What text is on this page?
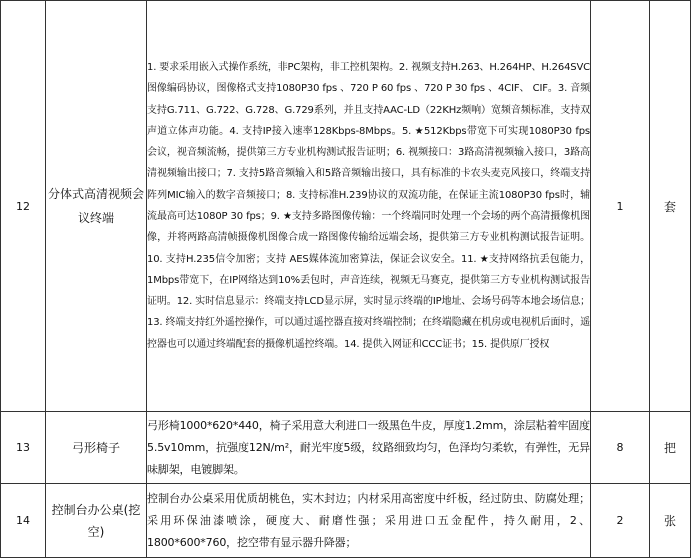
12	分体式高清视频会议终端	1. 要求采用嵌入式操作系统，非PC架构，非工控机架构。2. 视频支持H.263、H.264HP、H.264SVC图像编码协议，图像格式支持1080P30 fps 、720 P 60 fps 、720 P 30 fps 、4CIF、 CIF。3. 音频支持G.711、G.722、G.728、G.729系列，并且支持AAC-LD（22KHz频响）宽频音频标准，支持双声道立体声功能。4. 支持IP接入速率128Kbps-8Mbps。5. ★512Kbps带宽下可实现1080P30 fps 会议，视音频流畅，提供第三方专业机构测试报告证明；6. 视频接口：3路高清视频输入接口，3路高清视频输出接口；7. 支持5路音频输入和5路音频输出接口，具有标准的卡农头麦克风接口，终端支持阵列MIC输入的数字音频接口；8. 支持标准H.239协议的双流功能，在保证主流1080P30 fps时，辅流最高可达1080P 30 fps；9. ★支持多路图像传输：一个终端同时处理一个会场的两个高清摄像机图像，并将两路高清帧摄像机图像合成一路图像传输给远端会场，提供第三方专业机构测试报告证明。10. 支持H.235信令加密；支持 AES媒体流加密算法，保证会议安全。11. ★支持网络抗丢包能力，1Mbps带宽下，在IP网络达到10%丢包时，声音连续，视频无马赛克，提供第三方专业机构测试报告证明。12. 实时信息显示：终端支持LCD显示屏，实时显示终端的IP地址、会场号码等本地会场信息；13. 终端支持红外遥控操作，可以通过遥控器直接对终端控制；在终端隐藏在机房或电视机后面时，遥控器也可以通过终端配套的摄像机遥控终端。14. 提供入网证和CCC证书；15. 提供原厂授权	1	套
13	弓形椅子	弓形椅1000*620*440，椅子采用意大利进口一级黑色牛皮，厚度1.2mm，涂层粘着牢固度5.5v10mm，抗强度12N/m²，耐光牢度5级，纹路细致均匀，色泽均匀柔软，有弹性，无异味脚架，电镀脚架。	8	把
14	控制台办公桌(挖空)	控制台办公桌采用优质胡桃色，实木封边；内材采用高密度中纤板，经过防虫、防腐处理；采用环保油漆喷涂，硬度大、耐磨性强；采用进口五金配件，持久耐用，2、1800*600*760，挖空带有显示器升降器；	2	张
